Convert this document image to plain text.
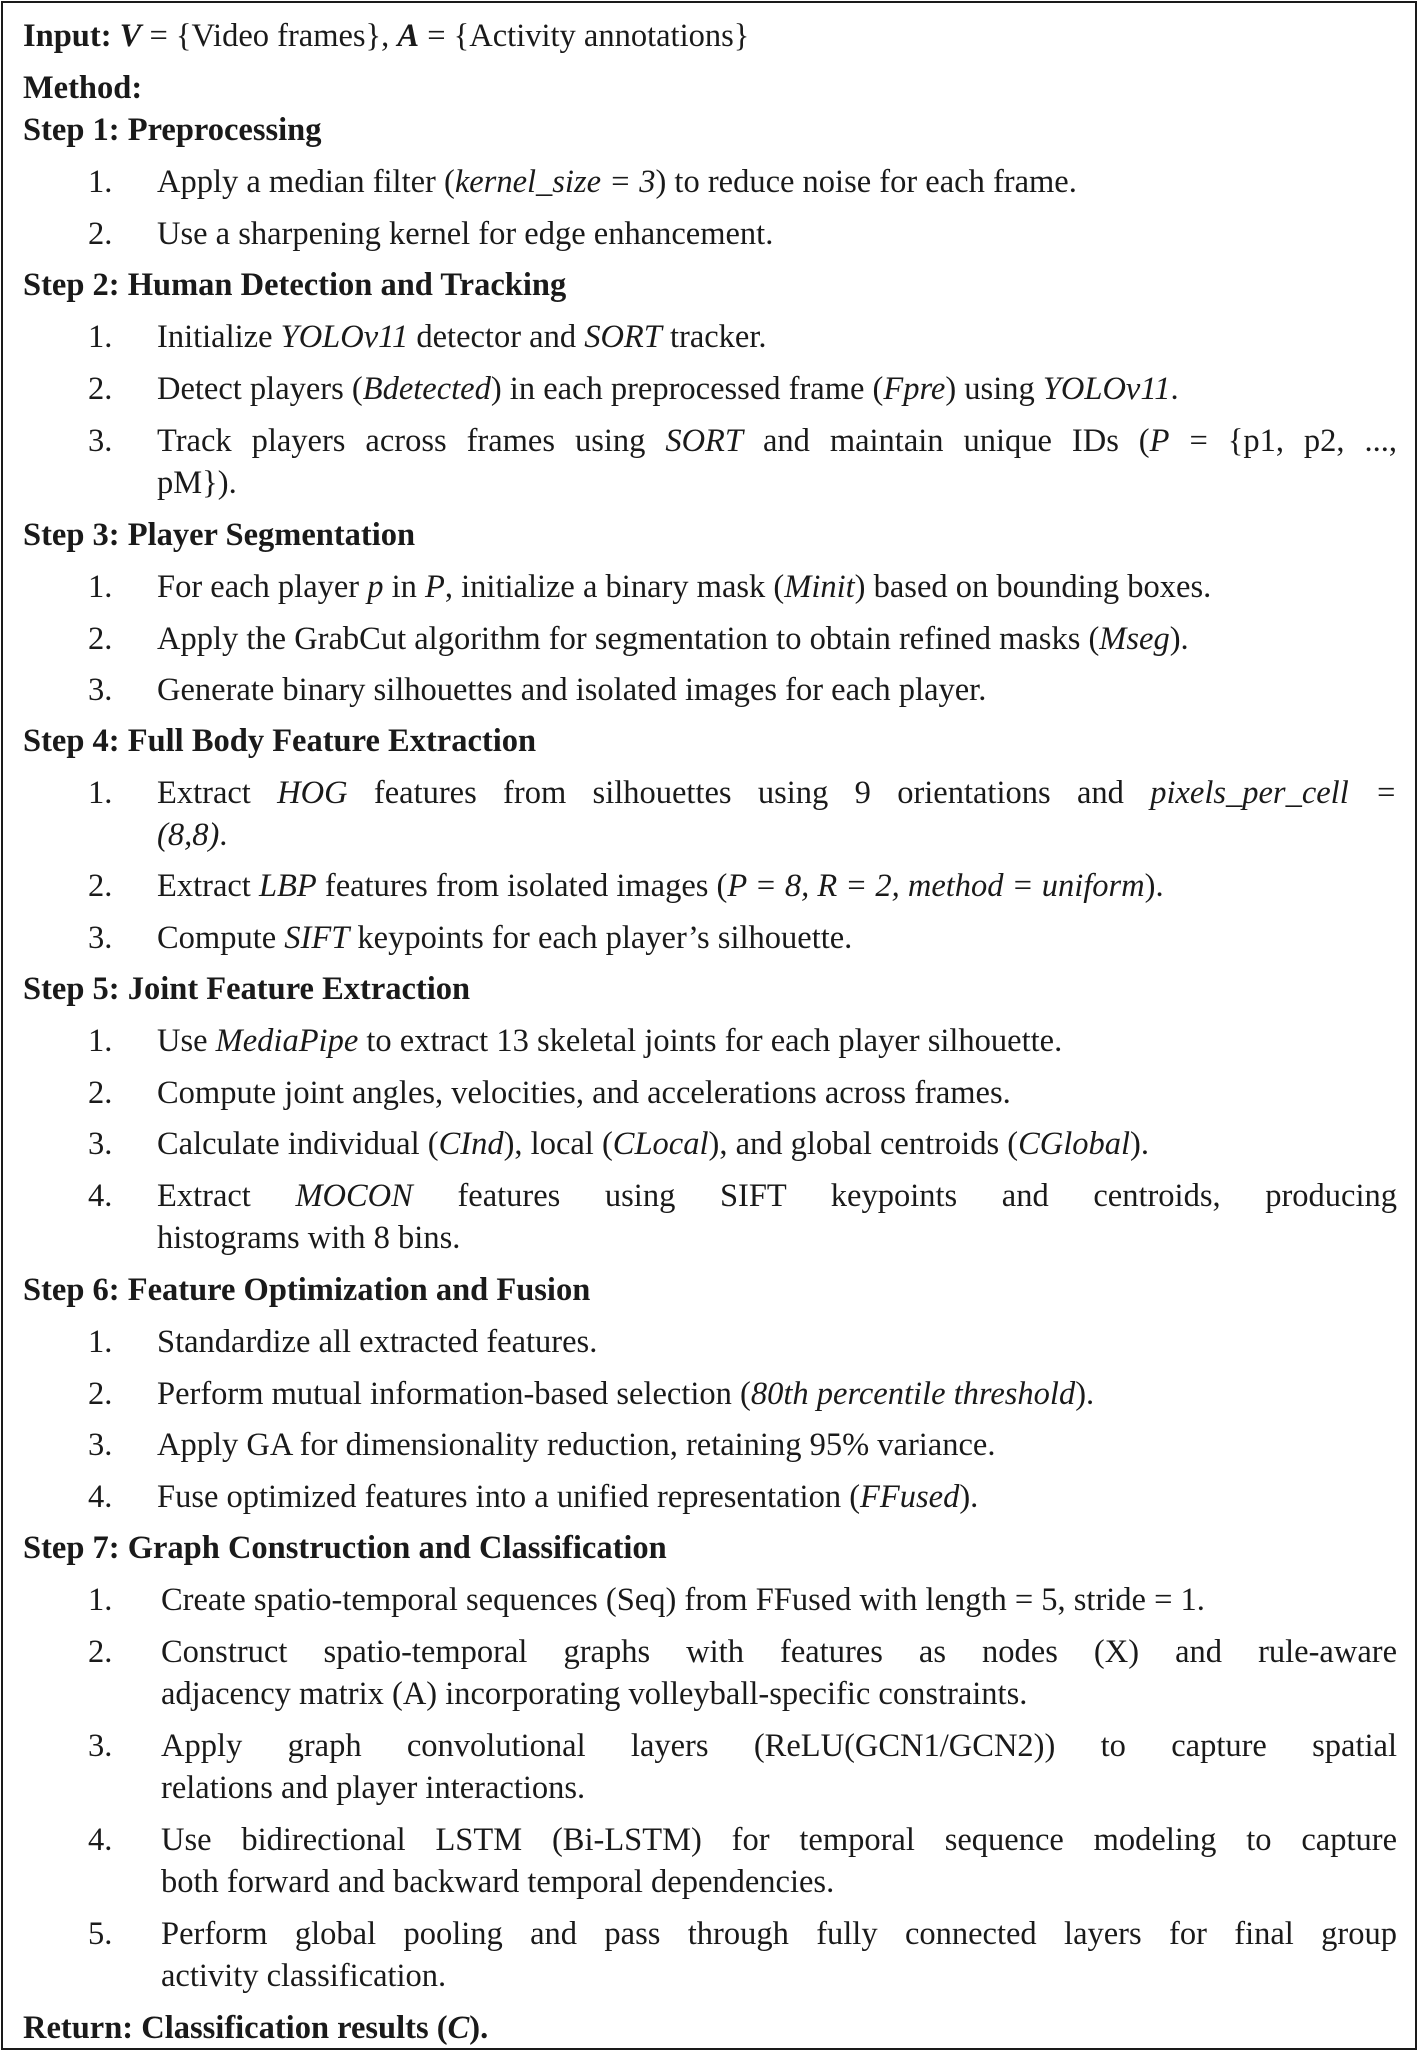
Input: V = {Video frames}, A = {Activity annotations}
Method:
Step 1: Preprocessing
1.	Apply a median filter (kernel_size = 3) to reduce noise for each frame.
2.	Use a sharpening kernel for edge enhancement.
Step 2: Human Detection and Tracking
1.	Initialize YOLOv11 detector and SORT tracker.
2.	Detect players (Bdetected) in each preprocessed frame (Fpre) using YOLOv11.
3.	Track players across frames using SORT and maintain unique IDs (P = {p1, p2, ...,
pM}).
Step 3: Player Segmentation
1.	For each player p in P, initialize a binary mask (Minit) based on bounding boxes.
2.	Apply the GrabCut algorithm for segmentation to obtain refined masks (Mseg).
3.	Generate binary silhouettes and isolated images for each player.
Step 4: Full Body Feature Extraction
1.	Extract HOG features from silhouettes using 9 orientations and pixels_per_cell =
(8,8).
2.	Extract LBP features from isolated images (P = 8, R = 2, method = uniform).
3.	Compute SIFT keypoints for each player’s silhouette.
Step 5: Joint Feature Extraction
1.	Use MediaPipe to extract 13 skeletal joints for each player silhouette.
2.	Compute joint angles, velocities, and accelerations across frames.
3.	Calculate individual (CInd), local (CLocal), and global centroids (CGlobal).
4.	Extract MOCON features using SIFT keypoints and centroids, producing
histograms with 8 bins.
Step 6: Feature Optimization and Fusion
1.	Standardize all extracted features.
2.	Perform mutual information-based selection (80th percentile threshold).
3.	Apply GA for dimensionality reduction, retaining 95% variance.
4.	Fuse optimized features into a unified representation (FFused).
Step 7: Graph Construction and Classification
1.	Create spatio-temporal sequences (Seq) from FFused with length = 5, stride = 1.
2.	Construct spatio-temporal graphs with features as nodes (X) and rule-aware
adjacency matrix (A) incorporating volleyball-specific constraints.
3.	Apply graph convolutional layers (ReLU(GCN1/GCN2)) to capture spatial
relations and player interactions.
4.	Use bidirectional LSTM (Bi-LSTM) for temporal sequence modeling to capture
both forward and backward temporal dependencies.
5.	Perform global pooling and pass through fully connected layers for final group
activity classification.
Return: Classification results (C).
